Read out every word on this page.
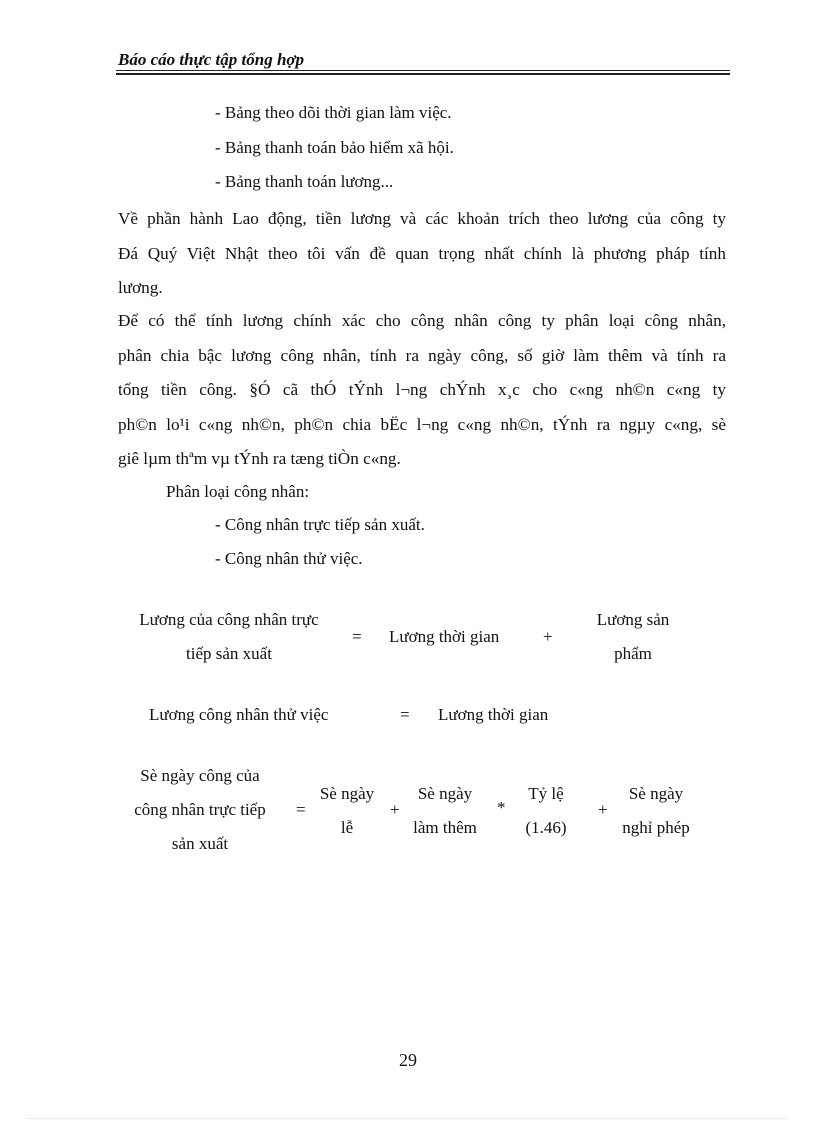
Báo cáo thực tập tổng hợp
- Bảng theo dõi thời gian làm việc.
- Bảng thanh toán bảo hiểm xã hội.
- Bảng thanh toán lương...
Về phần hành Lao động, tiền lương và các khoản trích theo lương của công ty
Đá Quý Việt Nhật theo tôi vấn đề quan trọng nhất chính là phương pháp tính
lương.
Để có thể tính lương chính xác cho công nhân công ty phân loại công nhân,
phân chia bậc lương công nhân, tính ra ngày công, số giờ làm thêm và tính ra
tổng tiền công. §Ó cã thÓ tÝnh l¬ng chÝnh x¸c cho c«ng nh©n c«ng ty
ph©n lo¹i c«ng nh©n, ph©n chia bËc l¬ng c«ng nh©n, tÝnh ra ngµy c«ng, sè
giê lµm thªm vµ tÝnh ra tæng tiÒn c«ng.
Phân loại công nhân:
- Công nhân trực tiếp sản xuất.
- Công nhân thử việc.
Lương của công nhân trực
tiếp sản xuất
= Lương thời gian	+
Lương sản
phẩm
Lương công nhân thử việc	= Lương thời gian
Sè ngày công của
công nhân trực tiếp
sản xuất
=
Sè ngày
lễ
+
Sè ngày
làm thêm
*
Tỷ lệ
(1.46)
+
Sè ngày
nghỉ phép
29
